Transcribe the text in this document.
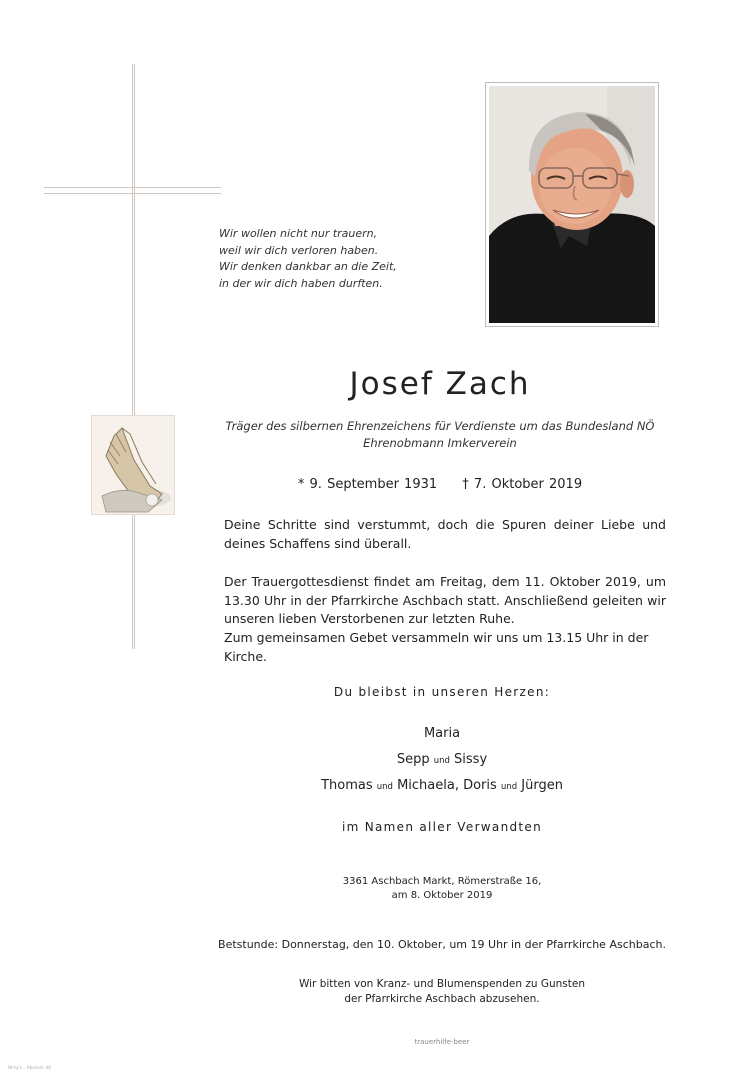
Wir wollen nicht nur trauern,
weil wir dich verloren haben.
Wir denken dankbar an die Zeit,
in der wir dich haben durften.
Josef Zach
Träger des silbernen Ehrenzeichens für Verdienste um das Bundesland NÖ
Ehrenobmann Imkerverein
* 9. September 1931 † 7. Oktober 2019
Deine Schritte sind verstummt, doch die Spuren deiner Liebe und deines Schaffens sind überall.
Der Trauergottesdienst findet am Freitag, dem 11. Oktober 2019, um 13.30 Uhr in der Pfarrkirche Aschbach statt. Anschließend geleiten wir unseren lieben Verstorbenen zur letzten Ruhe.
Zum gemeinsamen Gebet versammeln wir uns um 13.15 Uhr in der Kirche.
Du bleibst in unseren Herzen:
Maria
Sepp und Sissy
Thomas und Michaela, Doris und Jürgen
im Namen aller Verwandten
3361 Aschbach Markt, Römerstraße 16,
am 8. Oktober 2019
Betstunde: Donnerstag, den 10. Oktober, um 19 Uhr in der Pfarrkirche Aschbach.
Wir bitten von Kranz- und Blumenspenden zu Gunsten
der Pfarrkirche Aschbach abzusehen.
trauerhilfe-beer
W-hj-L - Abstum 40
